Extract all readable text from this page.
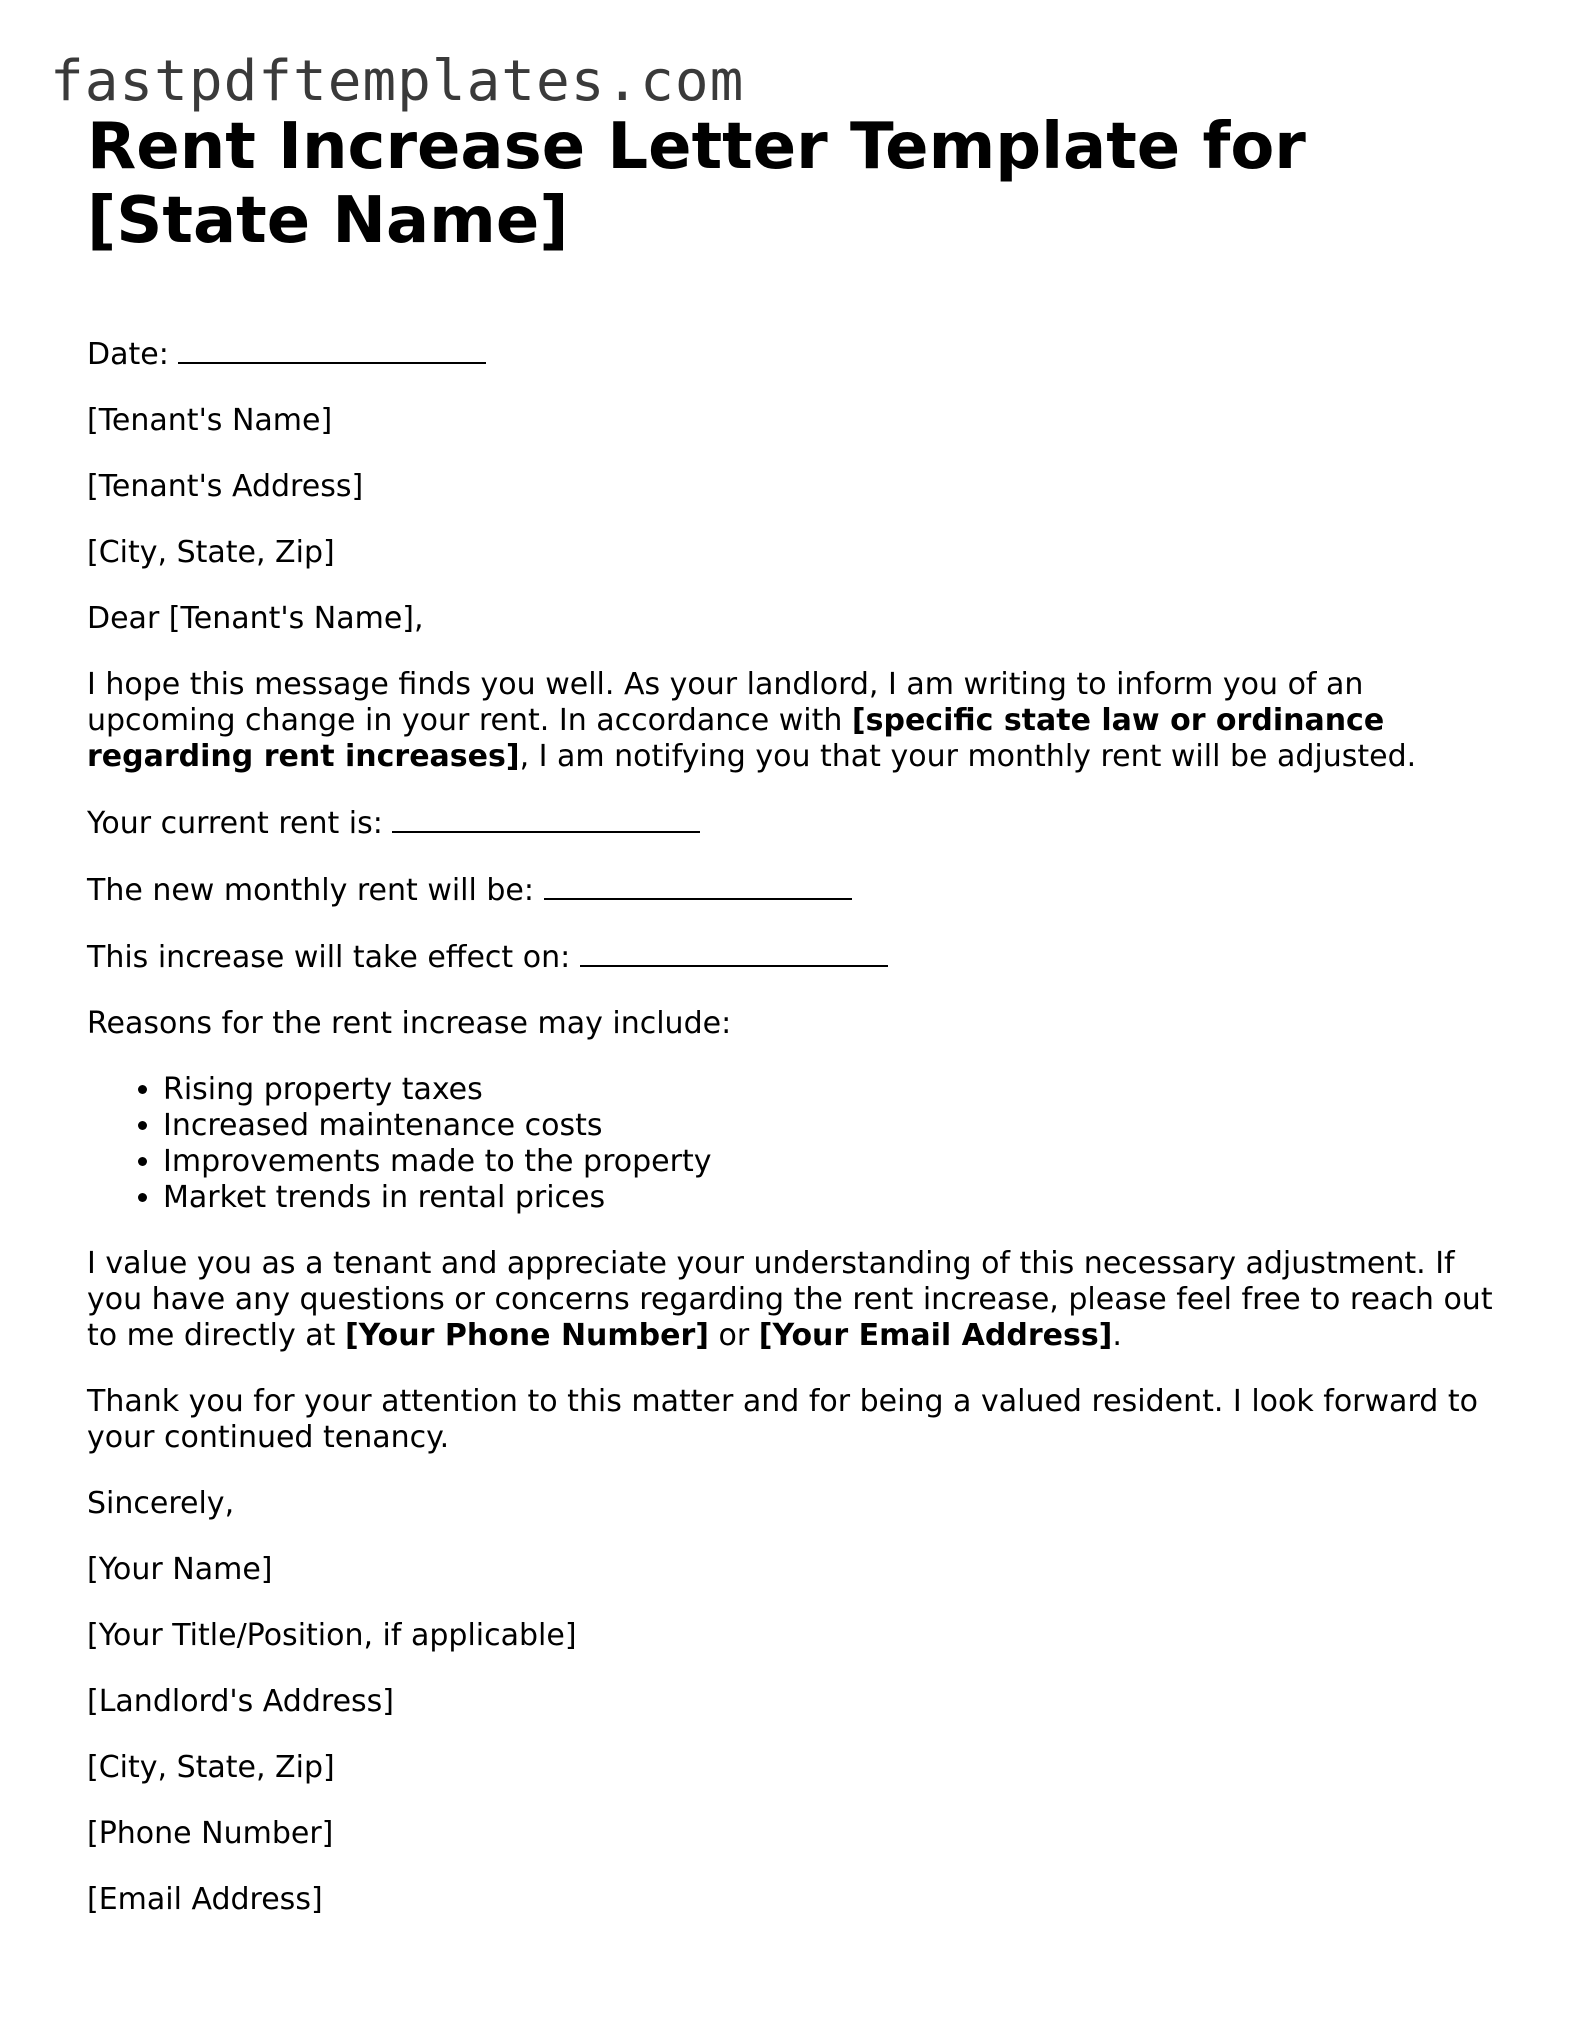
fastpdftemplates.com
Rent Increase Letter Template for [State Name]

Date:

[Tenant's Name]

[Tenant's Address]

[City, State, Zip]

Dear [Tenant's Name],

I hope this message finds you well. As your landlord, I am writing to inform you of an upcoming change in your rent. In accordance with [specific state law or ordinance regarding rent increases], I am notifying you that your monthly rent will be adjusted.

Your current rent is:

The new monthly rent will be:

This increase will take effect on:

Reasons for the rent increase may include:

• Rising property taxes
• Increased maintenance costs
• Improvements made to the property
• Market trends in rental prices

I value you as a tenant and appreciate your understanding of this necessary adjustment. If you have any questions or concerns regarding the rent increase, please feel free to reach out to me directly at [Your Phone Number] or [Your Email Address].

Thank you for your attention to this matter and for being a valued resident. I look forward to your continued tenancy.

Sincerely,

[Your Name]

[Your Title/Position, if applicable]

[Landlord's Address]

[City, State, Zip]

[Phone Number]

[Email Address]
